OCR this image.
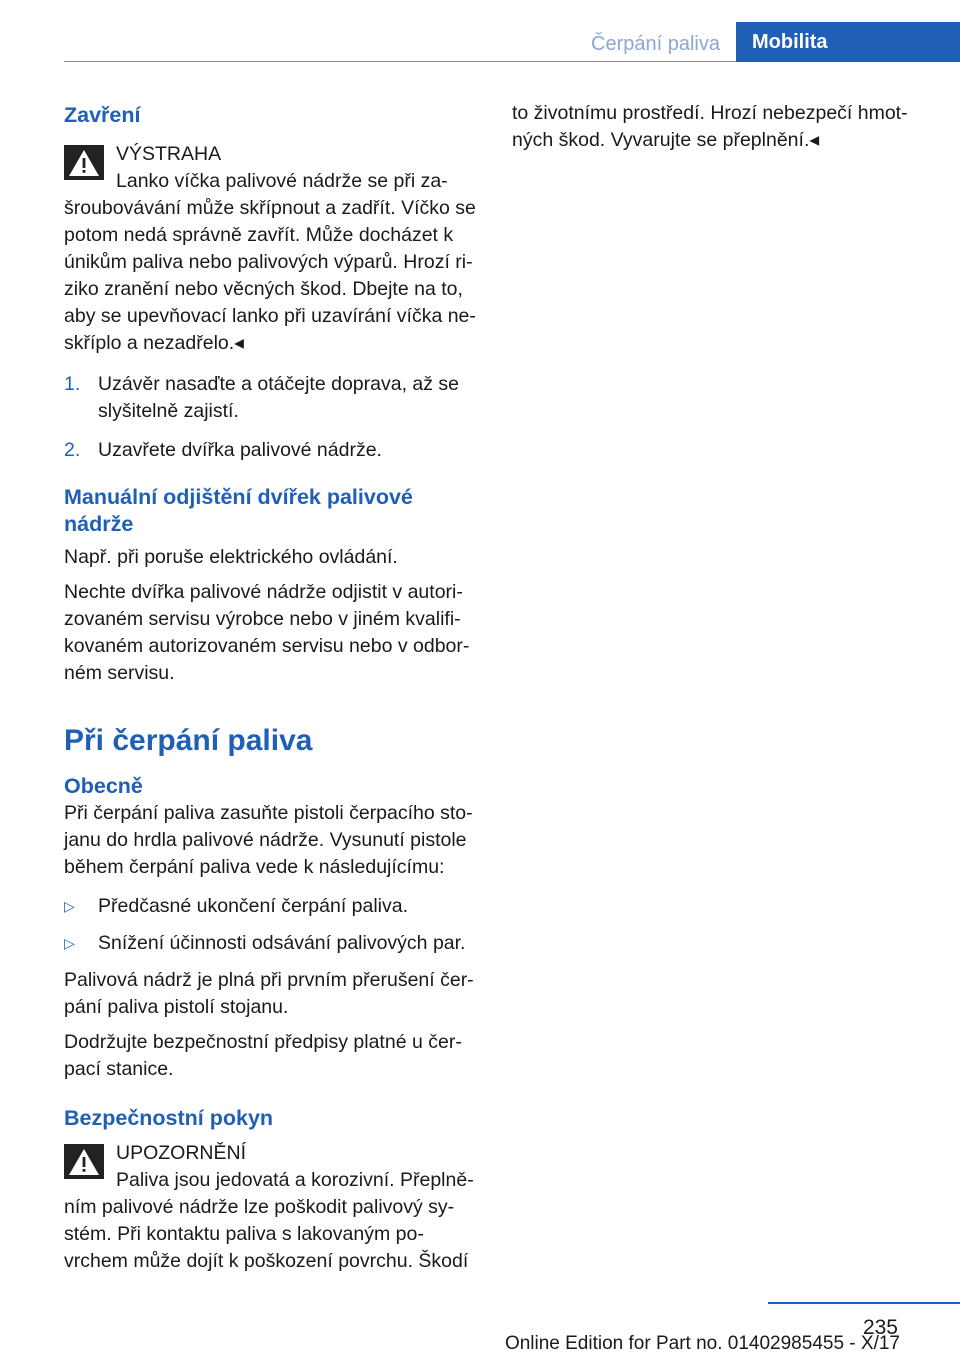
Čerpání paliva	Mobilita
Zavření

VÝSTRAHA

Lanko víčka palivové nádrže se při za-

šroubovávání může skřípnout a zadřít. Víčko se potom nedá správně zavřít. Může docházet k únikům paliva nebo palivových výparů. Hrozí ri-ziko zranění nebo věcných škod. Dbejte na to, aby se upevňovací lanko při uzavírání víčka ne-skříplo a nezadřelo.◂

1. Uzávěr nasaďte a otáčejte doprava, až se slyšitelně zajistí.
2. Uzavřete dvířka palivové nádrže.
Manuální odjištění dvířek palivové nádrže

Např. při poruše elektrického ovládání.

Nechte dvířka palivové nádrže odjistit v autori-zovaném servisu výrobce nebo v jiném kvalifi-kovaném autorizovaném servisu nebo v odbor-ném servisu.

Při čerpání paliva
Obecně

Při čerpání paliva zasuňte pistoli čerpacího sto-janu do hrdla palivové nádrže. Vysunutí pistole během čerpání paliva vede k následujícímu:

▷ Předčasné ukončení čerpání paliva.
▷ Snížení účinnosti odsávání palivových par.

Palivová nádrž je plná při prvním přerušení čer-pání paliva pistolí stojanu.

Dodržujte bezpečnostní předpisy platné u čer-pací stanice.

Bezpečnostní pokyn

UPOZORNĚNÍ

Paliva jsou jedovatá a korozivní. Přeplně-

ním palivové nádrže lze poškodit palivový sy-stém. Při kontaktu paliva s lakovaným po-vrchem může dojít k poškození povrchu. Škodí

to životnímu prostředí. Hrozí nebezpečí hmot-ných škod. Vyvarujte se přeplnění.◂

235
Online Edition for Part no. 01402985455 - X/17
